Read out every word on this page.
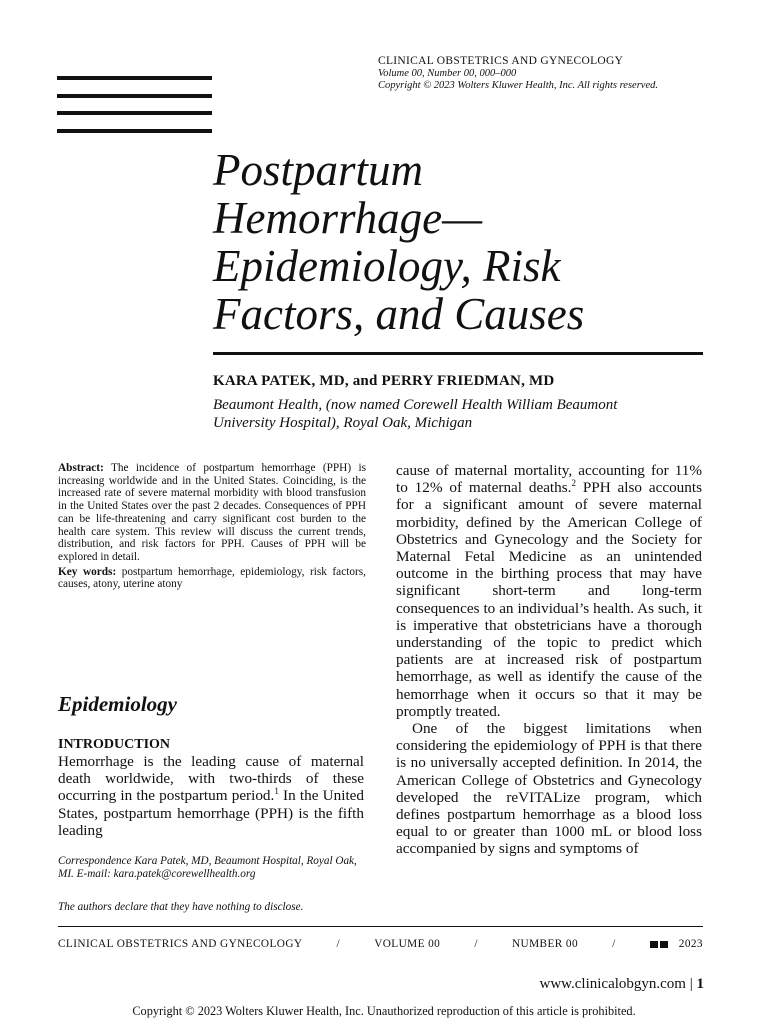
CLINICAL OBSTETRICS AND GYNECOLOGY
Volume 00, Number 00, 000–000
Copyright © 2023 Wolters Kluwer Health, Inc. All rights reserved.
Postpartum
Hemorrhage—
Epidemiology, Risk
Factors, and Causes
KARA PATEK, MD, and PERRY FRIEDMAN, MD
Beaumont Health, (now named Corewell Health William Beaumont
University Hospital), Royal Oak, Michigan

Abstract: The incidence of postpartum hemorrhage (PPH) is increasing worldwide and in the United States. Coinciding, is the increased rate of severe maternal morbidity with blood transfusion in the United States over the past 2 decades. Consequences of PPH can be life-threatening and carry significant cost burden to the health care system. This review will discuss the current trends, distribution, and risk factors for PPH. Causes of PPH will be explored in detail.

Key words: postpartum hemorrhage, epidemiology, risk factors, causes, atony, uterine atony

Epidemiology
INTRODUCTION

Hemorrhage is the leading cause of maternal death worldwide, with two-thirds of these occurring in the postpartum period.$^1$ In the United States, postpartum hemorrhage (PPH) is the fifth leading

Correspondence Kara Patek, MD, Beaumont Hospital, Royal Oak, MI. E-mail: kara.patek@corewellhealth.org

The authors declare that they have nothing to disclose.

cause of maternal mortality, accounting for 11% to 12% of maternal deaths.$^2$ PPH also accounts for a significant amount of severe maternal morbidity, defined by the American College of Obstetrics and Gynecology and the Society for Maternal Fetal Medicine as an unintended outcome in the birthing process that may have significant short-term and long-term consequences to an individual’s health. As such, it is imperative that obstetricians have a thorough understanding of the topic to predict which patients are at increased risk of postpartum hemorrhage, as well as identify the cause of the hemorrhage when it occurs so that it may be promptly treated.

One of the biggest limitations when considering the epidemiology of PPH is that there is no universally accepted definition. In 2014, the American College of Obstetrics and Gynecology developed the reVITALize program, which defines postpartum hemorrhage as a blood loss equal to or greater than 1000 mL or blood loss accompanied by signs and symptoms of

CLINICAL OBSTETRICS AND GYNECOLOGY	/	VOLUME 00	/	NUMBER 00	/	2023
www.clinicalobgyn.com | 1
Copyright © 2023 Wolters Kluwer Health, Inc. Unauthorized reproduction of this article is prohibited.
